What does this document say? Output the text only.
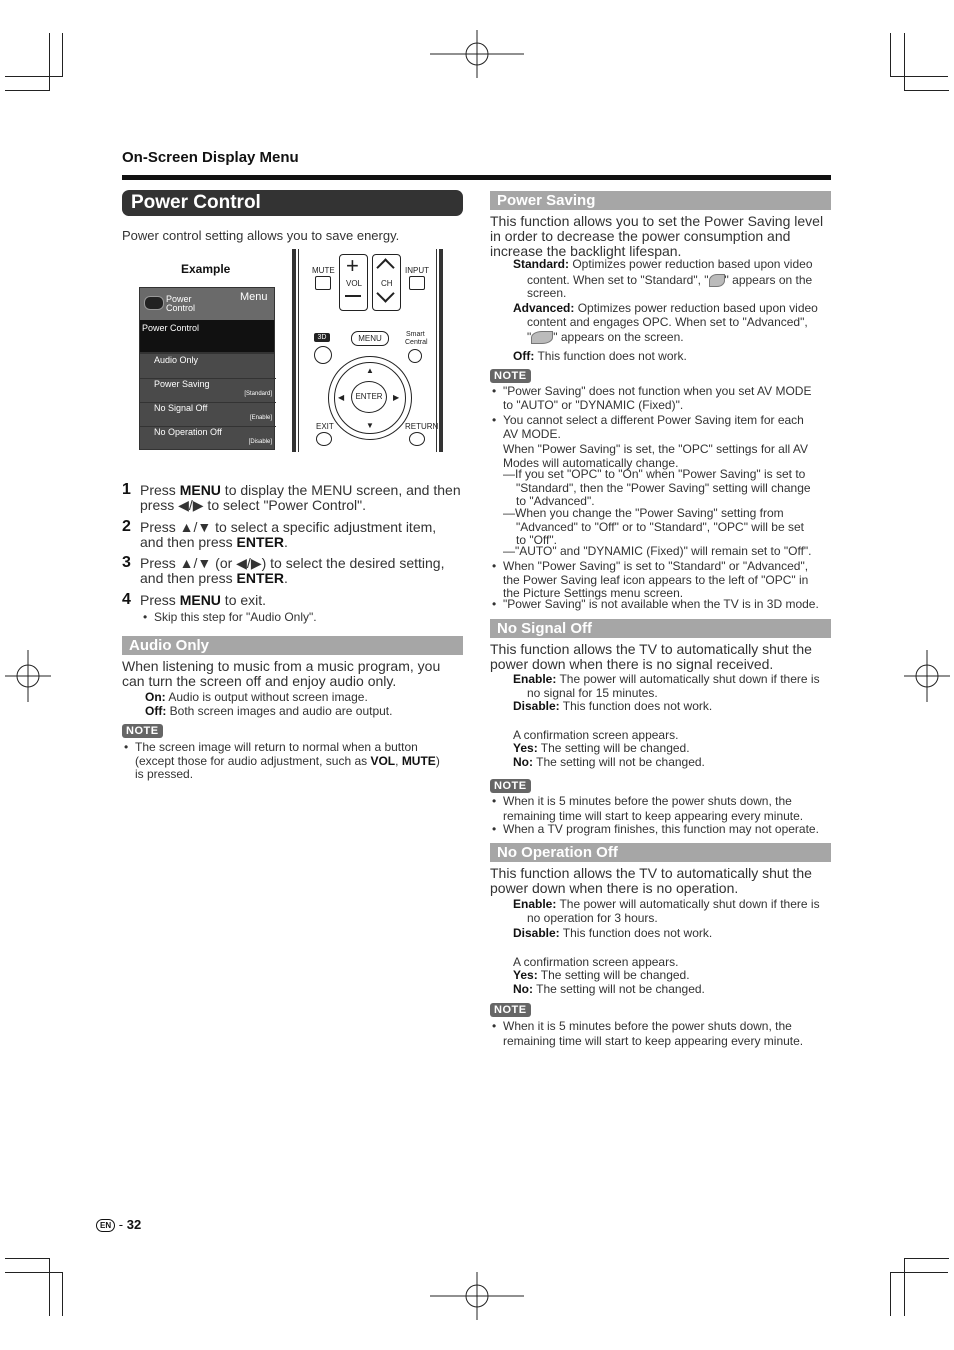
On-Screen Display Menu
Power Control
Power control setting allows you to save energy.
Example
Power
Control
Menu
Power Control
Audio Only
Power Saving
[Standard]
No Signal Off
[Enable]
No Operation Off
[Disable]
MUTE +
VOL CH
INPUT
3D	MENU	Smart
Central
▲
▼
◀	▶
ENTER
EXIT	RETURN
1 Press MENU to display the MENU screen, and then
press ◀/▶ to select "Power Control".
2 Press ▲/▼ to select a specific adjustment item,
and then press ENTER.
3 Press ▲/▼ (or ◀/▶) to select the desired setting,
and then press ENTER.
4 Press MENU to exit.
• Skip this step for "Audio Only".
Audio Only
When listening to music from a music program, you
can turn the screen off and enjoy audio only.
On: Audio is output without screen image.
Off: Both screen images and audio are output.
NOTE
• The screen image will return to normal when a button
(except those for audio adjustment, such as VOL, MUTE)
is pressed.
Power Saving
This function allows you to set the Power Saving level
in order to decrease the power consumption and
increase the backlight lifespan.
Standard: Optimizes power reduction based upon video
content. When set to "Standard", " " appears on the
screen.
Advanced: Optimizes power reduction based upon video
content and engages OPC. When set to "Advanced",
" " appears on the screen.
Off: This function does not work.
NOTE
• "Power Saving" does not function when you set AV MODE
to "AUTO" or "DYNAMIC (Fixed)".
• You cannot select a different Power Saving item for each
AV MODE.
When "Power Saving" is set, the "OPC" settings for all AV
Modes will automatically change.
—If you set "OPC" to "On" when "Power Saving" is set to
"Standard", then the "Power Saving" setting will change
to "Advanced".
—When you change the "Power Saving" setting from
"Advanced" to "Off" or to "Standard", "OPC" will be set
to "Off".
—"AUTO" and "DYNAMIC (Fixed)" will remain set to "Off".
• When "Power Saving" is set to "Standard" or "Advanced",
the Power Saving leaf icon appears to the left of "OPC" in
the Picture Settings menu screen.
• "Power Saving" is not available when the TV is in 3D mode.
No Signal Off
This function allows the TV to automatically shut the
power down when there is no signal received.
Enable: The power will automatically shut down if there is
no signal for 15 minutes.
Disable: This function does not work.
A confirmation screen appears.
Yes: The setting will be changed.
No: The setting will not be changed.
NOTE
• When it is 5 minutes before the power shuts down, the
remaining time will start to keep appearing every minute.
• When a TV program finishes, this function may not operate.
No Operation Off
This function allows the TV to automatically shut the
power down when there is no operation.
Enable: The power will automatically shut down if there is
no operation for 3 hours.
Disable: This function does not work.
A confirmation screen appears.
Yes: The setting will be changed.
No: The setting will not be changed.
NOTE
• When it is 5 minutes before the power shuts down, the
remaining time will start to keep appearing every minute.
EN - 32
